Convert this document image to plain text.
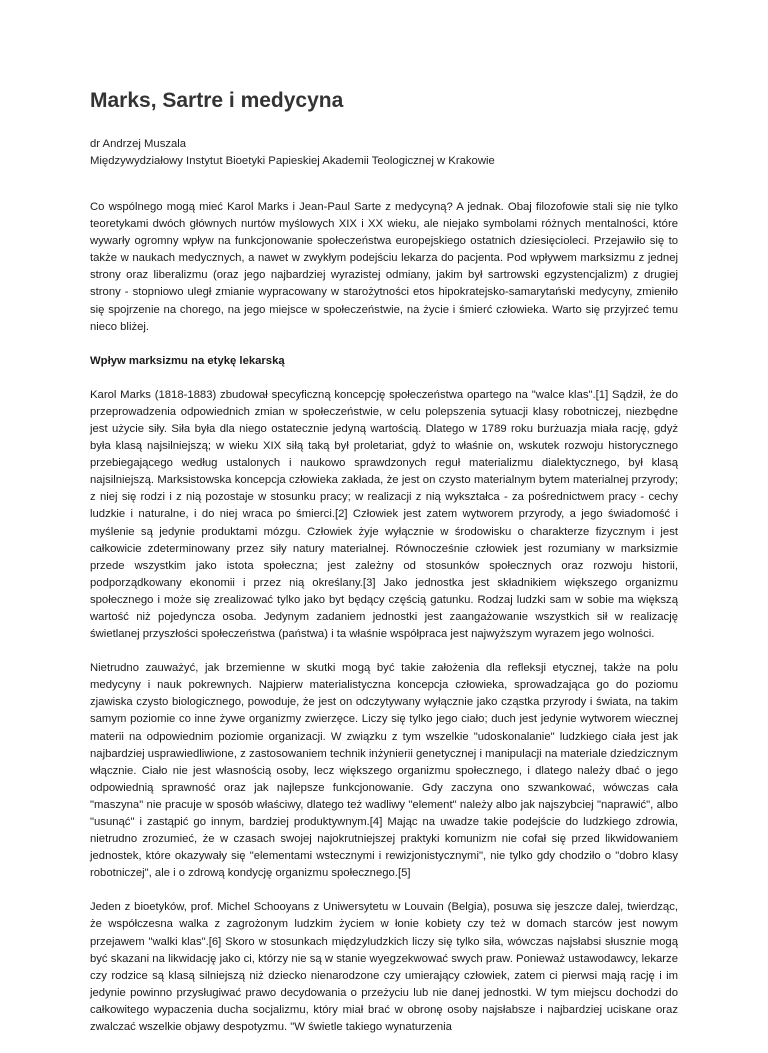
Marks, Sartre i medycyna
dr Andrzej Muszala
Międzywydziałowy Instytut Bioetyki Papieskiej Akademii Teologicznej w Krakowie

Co wspólnego mogą mieć Karol Marks i Jean-Paul Sarte z medycyną? A jednak. Obaj filozofowie stali się nie tylko teoretykami dwóch głównych nurtów myślowych XIX i XX wieku, ale niejako symbolami różnych mentalności, które wywarły ogromny wpływ na funkcjonowanie społeczeństwa europejskiego ostatnich dziesięcioleci. Przejawiło się to także w naukach medycznych, a nawet w zwykłym podejściu lekarza do pacjenta. Pod wpływem marksizmu z jednej strony oraz liberalizmu (oraz jego najbardziej wyrazistej odmiany, jakim był sartrowski egzystencjalizm) z drugiej strony - stopniowo uległ zmianie wypracowany w starożytności etos hipokratejsko-samarytański medycyny, zmieniło się spojrzenie na chorego, na jego miejsce w społeczeństwie, na życie i śmierć człowieka. Warto się przyjrzeć temu nieco bliżej.

Wpływ marksizmu na etykę lekarską

Karol Marks (1818-1883) zbudował specyficzną koncepcję społeczeństwa opartego na "walce klas".[1] Sądził, że do przeprowadzenia odpowiednich zmian w społeczeństwie, w celu polepszenia sytuacji klasy robotniczej, niezbędne jest użycie siły. Siła była dla niego ostatecznie jedyną wartością. Dlatego w 1789 roku burżuazja miała rację, gdyż była klasą najsilniejszą; w wieku XIX siłą taką był proletariat, gdyż to właśnie on, wskutek rozwoju historycznego przebiegającego według ustalonych i naukowo sprawdzonych reguł materializmu dialektycznego, był klasą najsilniejszą. Marksistowska koncepcja człowieka zakłada, że jest on czysto materialnym bytem materialnej przyrody; z niej się rodzi i z nią pozostaje w stosunku pracy; w realizacji z nią wykształca - za pośrednictwem pracy - cechy ludzkie i naturalne, i do niej wraca po śmierci.[2] Człowiek jest zatem wytworem przyrody, a jego świadomość i myślenie są jedynie produktami mózgu. Człowiek żyje wyłącznie w środowisku o charakterze fizycznym i jest całkowicie zdeterminowany przez siły natury materialnej. Równocześnie człowiek jest rozumiany w marksizmie przede wszystkim jako istota społeczna; jest zależny od stosunków społecznych oraz rozwoju historii, podporządkowany ekonomii i przez nią określany.[3] Jako jednostka jest składnikiem większego organizmu społecznego i może się zrealizować tylko jako byt będący częścią gatunku. Rodzaj ludzki sam w sobie ma większą wartość niż pojedyncza osoba. Jedynym zadaniem jednostki jest zaangażowanie wszystkich sił w realizację świetlanej przyszłości społeczeństwa (państwa) i ta właśnie współpraca jest najwyższym wyrazem jego wolności.

Nietrudno zauważyć, jak brzemienne w skutki mogą być takie założenia dla refleksji etycznej, także na polu medycyny i nauk pokrewnych. Najpierw materialistyczna koncepcja człowieka, sprowadzająca go do poziomu zjawiska czysto biologicznego, powoduje, że jest on odczytywany wyłącznie jako cząstka przyrody i świata, na takim samym poziomie co inne żywe organizmy zwierzęce. Liczy się tylko jego ciało; duch jest jedynie wytworem wiecznej materii na odpowiednim poziomie organizacji. W związku z tym wszelkie "udoskonalanie" ludzkiego ciała jest jak najbardziej usprawiedliwione, z zastosowaniem technik inżynierii genetycznej i manipulacji na materiale dziedzicznym włącznie. Ciało nie jest własnością osoby, lecz większego organizmu społecznego, i dlatego należy dbać o jego odpowiednią sprawność oraz jak najlepsze funkcjonowanie. Gdy zaczyna ono szwankować, wówczas cała "maszyna" nie pracuje w sposób właściwy, dlatego też wadliwy "element" należy albo jak najszybciej "naprawić", albo "usunąć" i zastąpić go innym, bardziej produktywnym.[4] Mając na uwadze takie podejście do ludzkiego zdrowia, nietrudno zrozumieć, że w czasach swojej najokrutniejszej praktyki komunizm nie cofał się przed likwidowaniem jednostek, które okazywały się "elementami wstecznymi i rewizjonistycznymi", nie tylko gdy chodziło o "dobro klasy robotniczej", ale i o zdrową kondycję organizmu społecznego.[5]

Jeden z bioetyków, prof. Michel Schooyans z Uniwersytetu w Louvain (Belgia), posuwa się jeszcze dalej, twierdząc, że współczesna walka z zagrożonym ludzkim życiem w łonie kobiety czy też w domach starców jest nowym przejawem "walki klas".[6] Skoro w stosunkach międzyludzkich liczy się tylko siła, wówczas najsłabsi słusznie mogą być skazani na likwidację jako ci, którzy nie są w stanie wyegzekwować swych praw. Ponieważ ustawodawcy, lekarze czy rodzice są klasą silniejszą niż dziecko nienarodzone czy umierający człowiek, zatem ci pierwsi mają rację i im jedynie powinno przysługiwać prawo decydowania o przeżyciu lub nie danej jednostki. W tym miejscu dochodzi do całkowitego wypaczenia ducha socjalizmu, który miał brać w obronę osoby najsłabsze i najbardziej uciskane oraz zwalczać wszelkie objawy despotyzmu. "W świetle takiego wynaturzenia
